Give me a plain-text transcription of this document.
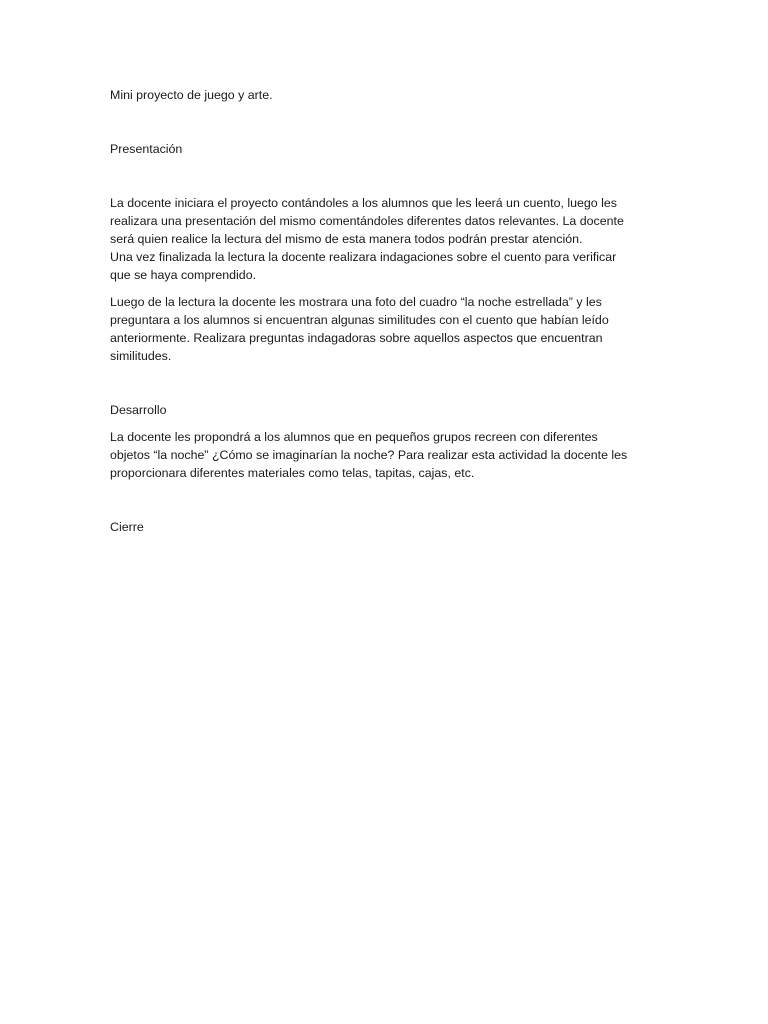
Mini proyecto de juego y arte.

Presentación

La docente iniciara el proyecto contándoles a los alumnos que les leerá un cuento, luego les
realizara una presentación del mismo comentándoles diferentes datos relevantes. La docente
será quien realice la lectura del mismo de esta manera todos podrán prestar atención.
Una vez finalizada la lectura la docente realizara indagaciones sobre el cuento para verificar
que se haya comprendido.

Luego de la lectura la docente les mostrara una foto del cuadro “la noche estrellada” y les
preguntara a los alumnos si encuentran algunas similitudes con el cuento que habían leído
anteriormente. Realizara preguntas indagadoras sobre aquellos aspectos que encuentran
similitudes.

Desarrollo

La docente les propondrá a los alumnos que en pequeños grupos recreen con diferentes
objetos “la noche” ¿Cómo se imaginarían la noche? Para realizar esta actividad la docente les
proporcionara diferentes materiales como telas, tapitas, cajas, etc.

Cierre
